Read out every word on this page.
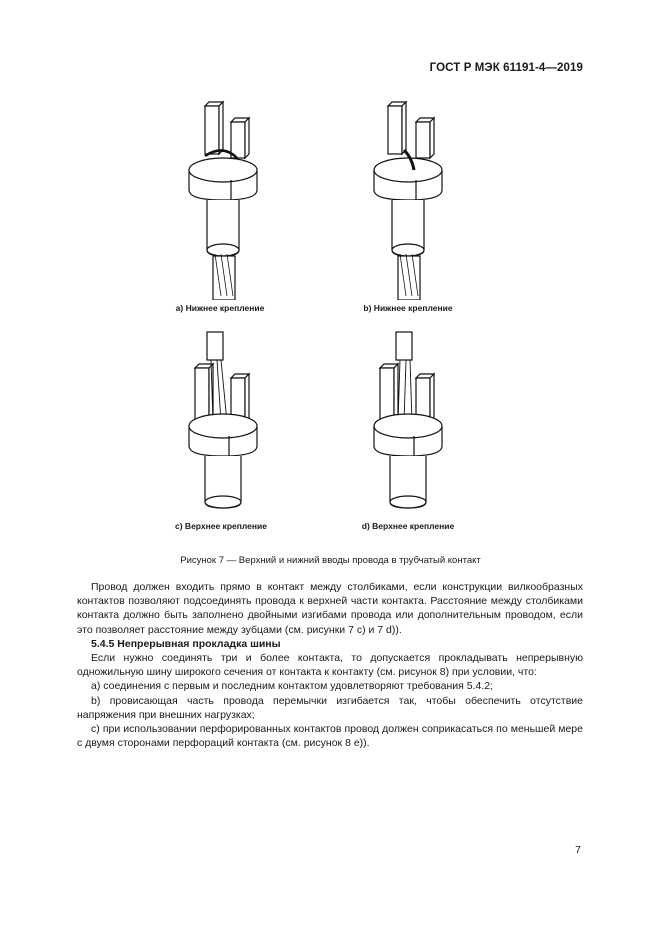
ГОСТ Р МЭК 61191-4—2019
a) Нижнее крепление	b) Нижнее крепление
c) Верхнее крепление	d) Верхнее крепление
Рисунок 7 — Верхний и нижний вводы провода в трубчатый контакт

Провод должен входить прямо в контакт между столбиками, если конструкции вилкообразных контактов позволяют подсоединять провода к верхней части контакта. Расстояние между столбиками контакта должно быть заполнено двойными изгибами провода или дополнительным проводом, если это позволяет расстояние между зубцами (см. рисунки 7 c) и 7 d)).

5.4.5 Непрерывная прокладка шины

Если нужно соединять три и более контакта, то допускается прокладывать непрерывную одножильную шину широкого сечения от контакта к контакту (см. рисунок 8) при условии, что:

a) соединения с первым и последним контактом удовлетворяют требования 5.4.2;

b) провисающая часть провода перемычки изгибается так, чтобы обеспечить отсутствие напряжения при внешних нагрузках;

c) при использовании перфорированных контактов провод должен соприкасаться по меньшей мере с двумя сторонами перфораций контакта (см. рисунок 8 e)).

7
